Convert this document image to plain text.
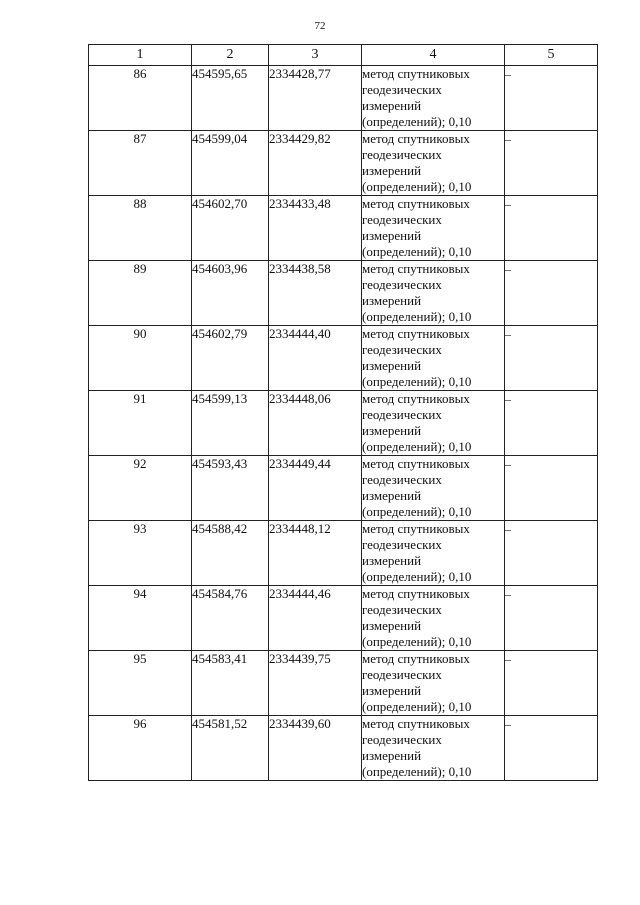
72
1	2	3	4	5
86	454595,65	2334428,77	метод спутниковых
геодезических
измерений
(определений); 0,10	–
87	454599,04	2334429,82	метод спутниковых
геодезических
измерений
(определений); 0,10	–
88	454602,70	2334433,48	метод спутниковых
геодезических
измерений
(определений); 0,10	–
89	454603,96	2334438,58	метод спутниковых
геодезических
измерений
(определений); 0,10	–
90	454602,79	2334444,40	метод спутниковых
геодезических
измерений
(определений); 0,10	–
91	454599,13	2334448,06	метод спутниковых
геодезических
измерений
(определений); 0,10	–
92	454593,43	2334449,44	метод спутниковых
геодезических
измерений
(определений); 0,10	–
93	454588,42	2334448,12	метод спутниковых
геодезических
измерений
(определений); 0,10	–
94	454584,76	2334444,46	метод спутниковых
геодезических
измерений
(определений); 0,10	–
95	454583,41	2334439,75	метод спутниковых
геодезических
измерений
(определений); 0,10	–
96	454581,52	2334439,60	метод спутниковых
геодезических
измерений
(определений); 0,10	–
